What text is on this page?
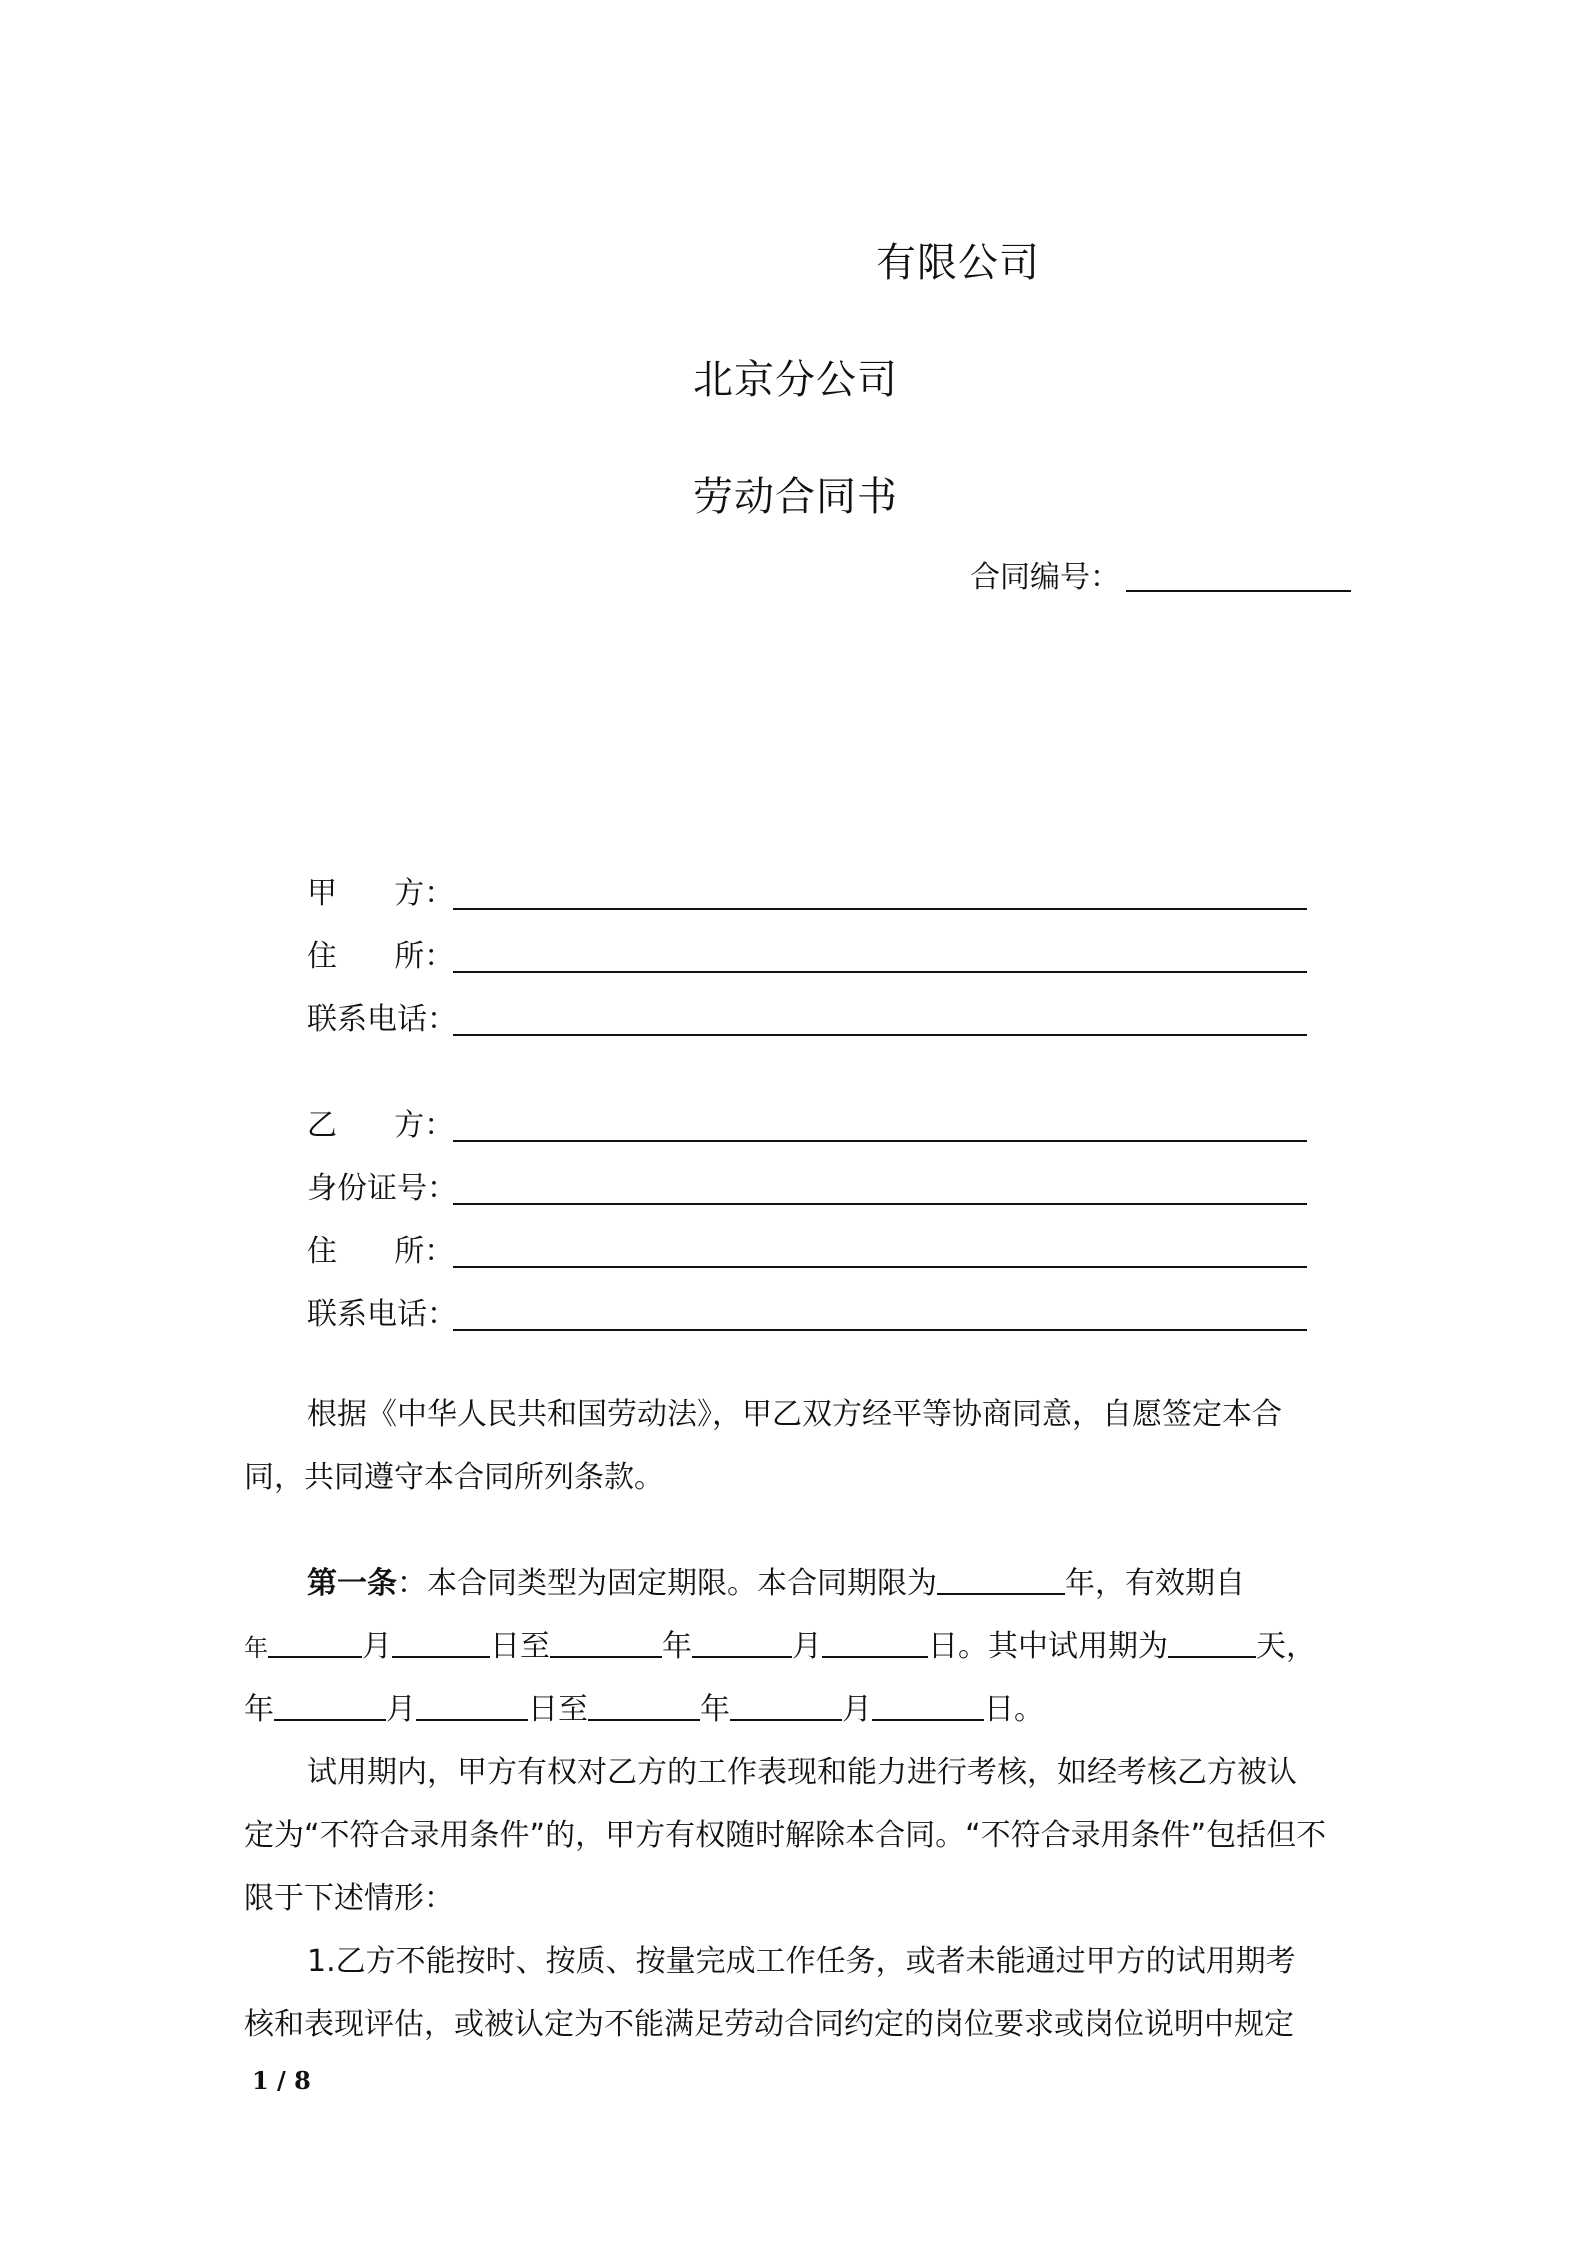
有限公司
北京分公司
劳动合同书
合同编号：
甲      方：
住      所：
联系电话：
乙      方：
身份证号：
住      所：
联系电话：
根据《中华人民共和国劳动法》，甲乙双方经平等协商同意，自愿签定本合
同，共同遵守本合同所列条款。
第一条：本合同类型为固定期限。本合同期限为	年，有效期自
年	月	日至	年	月	日。其中试用期为	天，
年	月	日至	年	月	日。
试用期内，甲方有权对乙方的工作表现和能力进行考核，如经考核乙方被认
定为“不符合录用条件”的，甲方有权随时解除本合同。“不符合录用条件”包括但不
限于下述情形：
1.乙方不能按时、按质、按量完成工作任务，或者未能通过甲方的试用期考
核和表现评估，或被认定为不能满足劳动合同约定的岗位要求或岗位说明中规定
1 / 8
